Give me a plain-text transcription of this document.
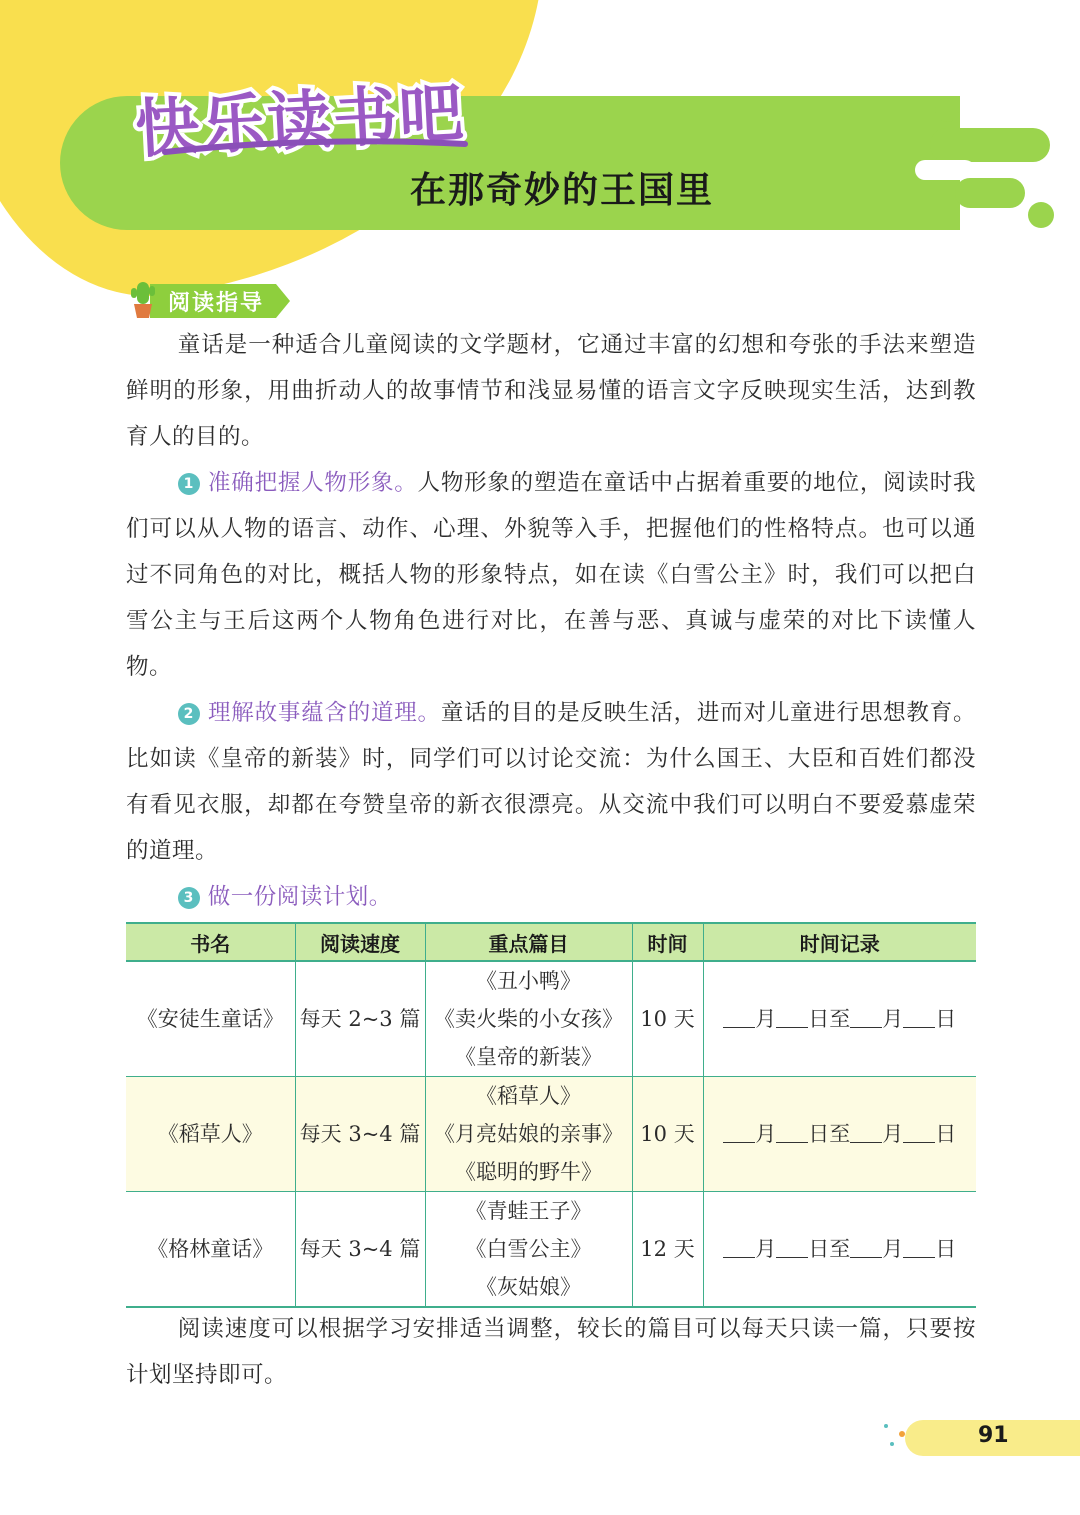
快乐读书吧
在那奇妙的王国里
阅读指导

童话是一种适合儿童阅读的文学题材，它通过丰富的幻想和夸张的手法来塑造鲜明的形象，用曲折动人的故事情节和浅显易懂的语言文字反映现实生活，达到教育人的目的。

1 准确把握人物形象。人物形象的塑造在童话中占据着重要的地位，阅读时我们可以从人物的语言、动作、心理、外貌等入手，把握他们的性格特点。也可以通过不同角色的对比，概括人物的形象特点，如在读《白雪公主》时，我们可以把白雪公主与王后这两个人物角色进行对比，在善与恶、真诚与虚荣的对比下读懂人物。

2 理解故事蕴含的道理。童话的目的是反映生活，进而对儿童进行思想教育。比如读《皇帝的新装》时，同学们可以讨论交流：为什么国王、大臣和百姓们都没有看见衣服，却都在夸赞皇帝的新衣很漂亮。从交流中我们可以明白不要爱慕虚荣的道理。

3 做一份阅读计划。

书名	阅读速度	重点篇目	时间	时间记录
《安徒生童话》	每天 2~3 篇	《丑小鸭》
《卖火柴的小女孩》
《皇帝的新装》	10 天	月 日至 月 日
《稻草人》	每天 3~4 篇	《稻草人》
《月亮姑娘的亲事》
《聪明的野牛》	10 天	月 日至 月 日
《格林童话》	每天 3~4 篇	《青蛙王子》
《白雪公主》
《灰姑娘》	12 天	月 日至 月 日

阅读速度可以根据学习安排适当调整，较长的篇目可以每天只读一篇，只要按计划坚持即可。

91
